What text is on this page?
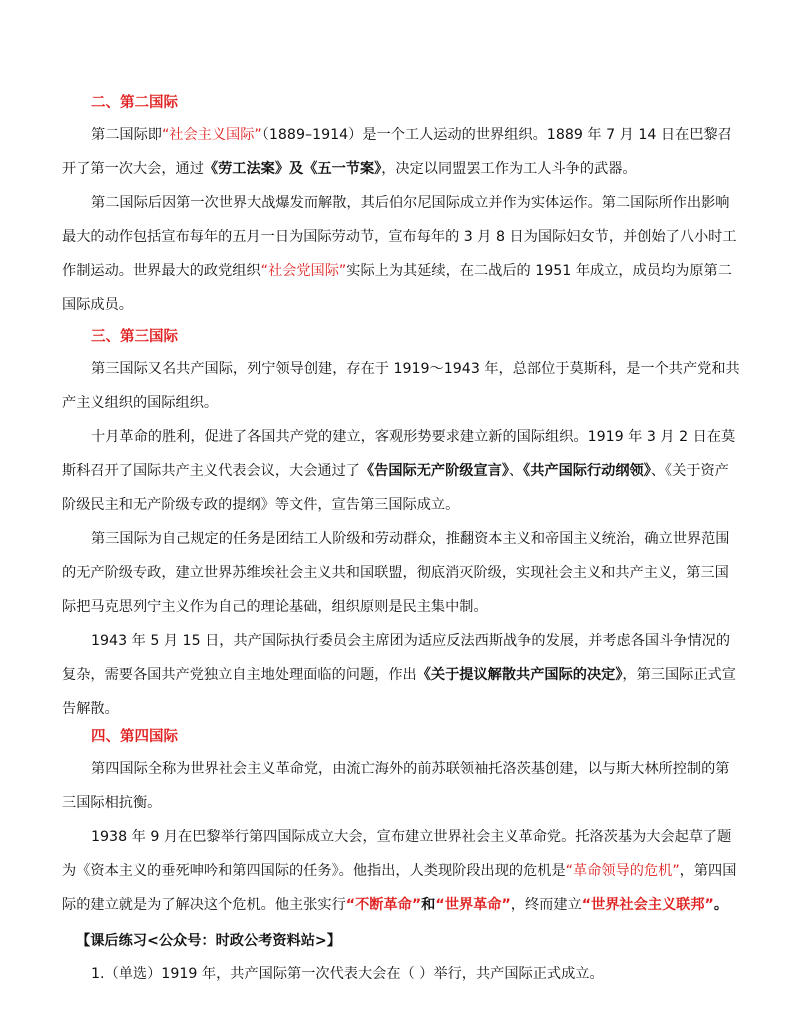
二、第二国际

第二国际即“社会主义国际”（1889–1914）是一个工人运动的世界组织。1889 年 7 月 14 日在巴黎召开了第一次大会，通过《劳工法案》及《五一节案》，决定以同盟罢工作为工人斗争的武器。

第二国际后因第一次世界大战爆发而解散，其后伯尔尼国际成立并作为实体运作。第二国际所作出影响最大的动作包括宣布每年的五月一日为国际劳动节，宣布每年的 3 月 8 日为国际妇女节，并创始了八小时工作制运动。世界最大的政党组织“社会党国际”实际上为其延续，在二战后的 1951 年成立，成员均为原第二国际成员。

三、第三国际

第三国际又名共产国际，列宁领导创建，存在于 1919～1943 年，总部位于莫斯科，是一个共产党和共产主义组织的国际组织。

十月革命的胜利，促进了各国共产党的建立，客观形势要求建立新的国际组织。1919 年 3 月 2 日在莫斯科召开了国际共产主义代表会议，大会通过了《告国际无产阶级宣言》、《共产国际行动纲领》、《关于资产阶级民主和无产阶级专政的提纲》等文件，宣告第三国际成立。

第三国际为自己规定的任务是团结工人阶级和劳动群众，推翻资本主义和帝国主义统治，确立世界范围的无产阶级专政，建立世界苏维埃社会主义共和国联盟，彻底消灭阶级，实现社会主义和共产主义，第三国际把马克思列宁主义作为自己的理论基础，组织原则是民主集中制。

1943 年 5 月 15 日，共产国际执行委员会主席团为适应反法西斯战争的发展，并考虑各国斗争情况的复杂，需要各国共产党独立自主地处理面临的问题，作出《关于提议解散共产国际的决定》，第三国际正式宣告解散。

四、第四国际

第四国际全称为世界社会主义革命党，由流亡海外的前苏联领袖托洛茨基创建，以与斯大林所控制的第三国际相抗衡。

1938 年 9 月在巴黎举行第四国际成立大会，宣布建立世界社会主义革命党。托洛茨基为大会起草了题为《资本主义的垂死呻吟和第四国际的任务》。他指出，人类现阶段出现的危机是“革命领导的危机”，第四国际的建立就是为了解决这个危机。他主张实行“不断革命”和“世界革命”，终而建立“世界社会主义联邦”。

【课后练习<公众号：时政公考资料站>】
1.（单选）1919 年，共产国际第一次代表大会在（ ）举行，共产国际正式成立。
